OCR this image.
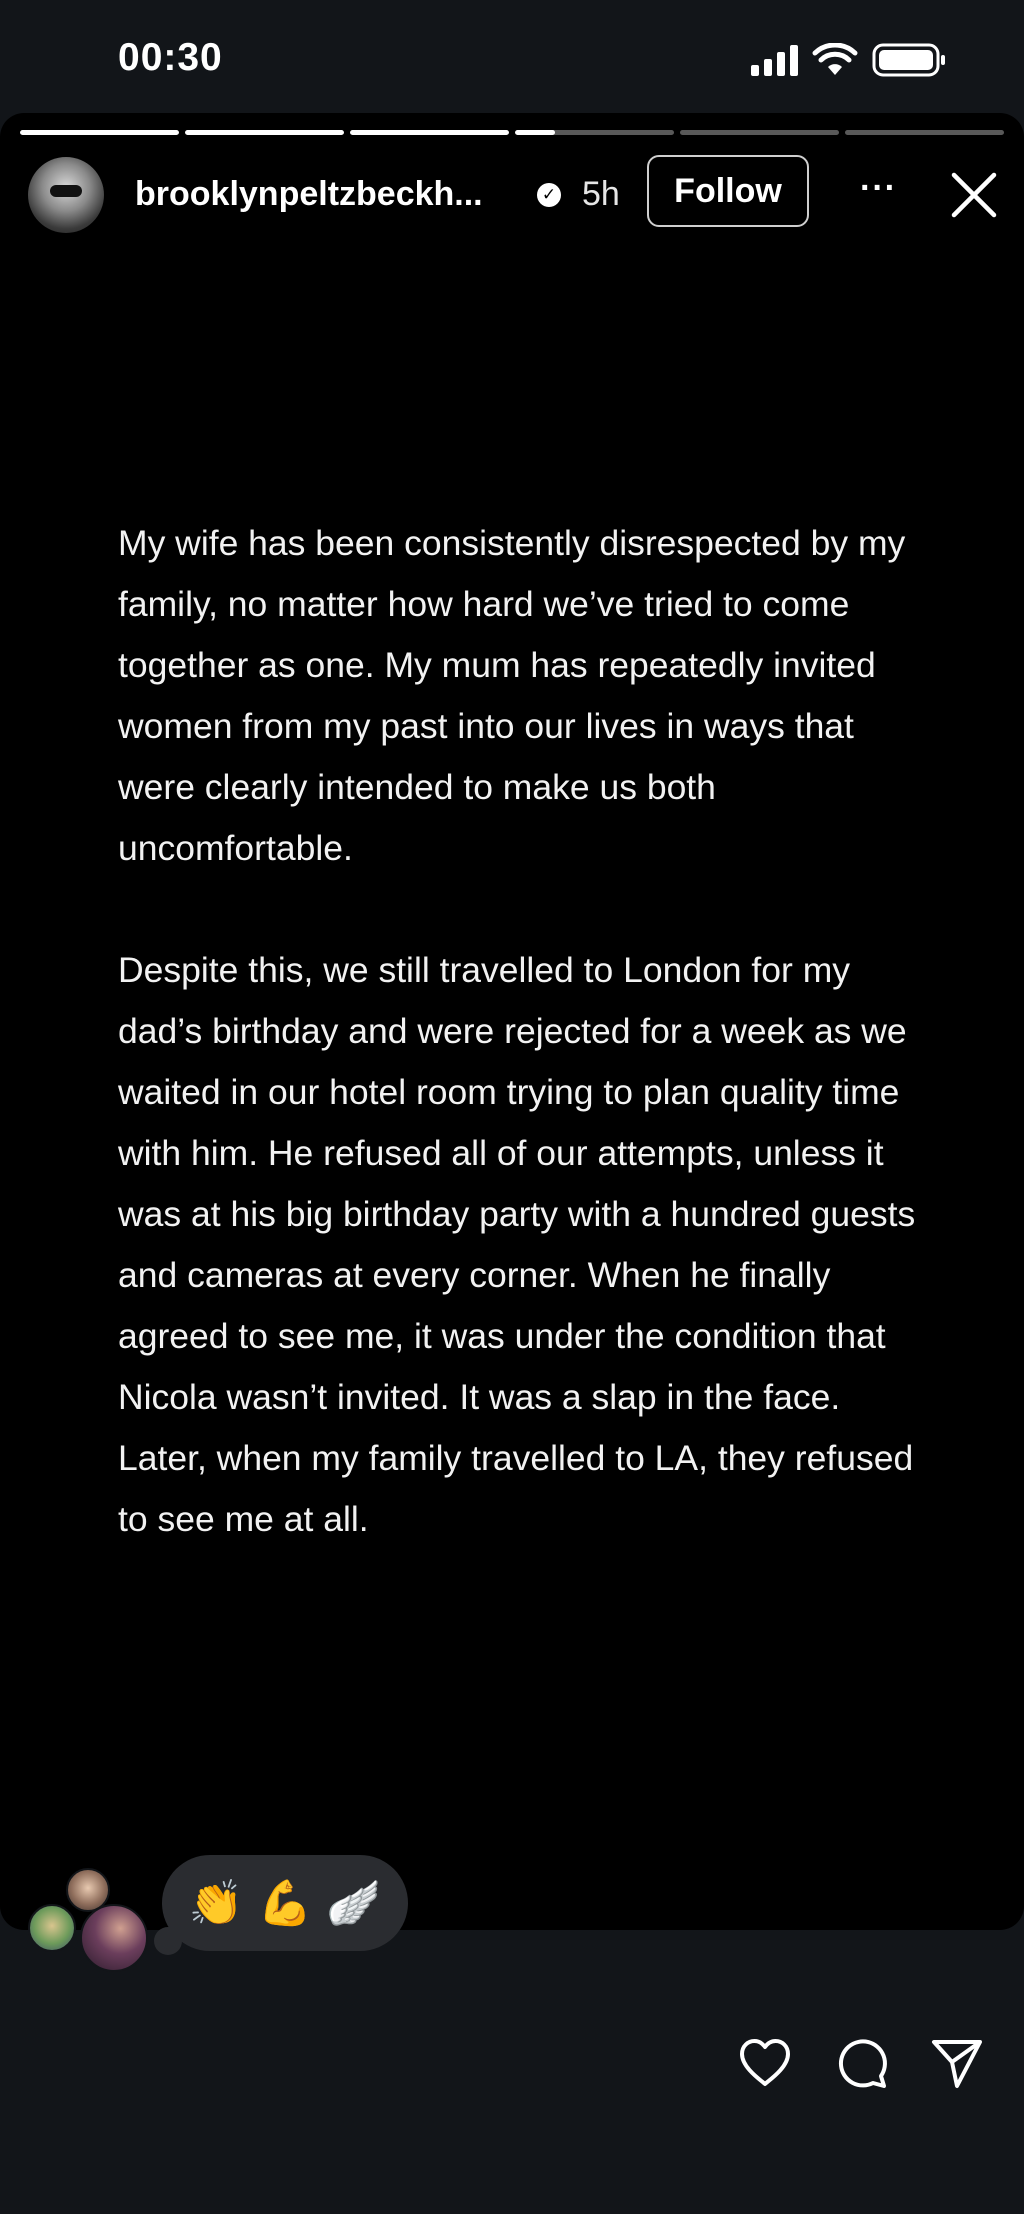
00:30
brooklynpeltzbeckh...	✓ 5h	Follow	···

My wife has been consistently disrespected by my family, no matter how hard we’ve tried to come together as one. My mum has repeatedly invited women from my past into our lives in ways that were clearly intended to make us both uncomfortable.

Despite this, we still travelled to London for my dad’s birthday and were rejected for a week as we waited in our hotel room trying to plan quality time with him. He refused all of our attempts, unless it was at his big birthday party with a hundred guests and cameras at every corner. When he finally agreed to see me, it was under the condition that Nicola wasn’t invited. It was a slap in the face. Later, when my family travelled to LA, they refused to see me at all.

👏 💪 🪽
